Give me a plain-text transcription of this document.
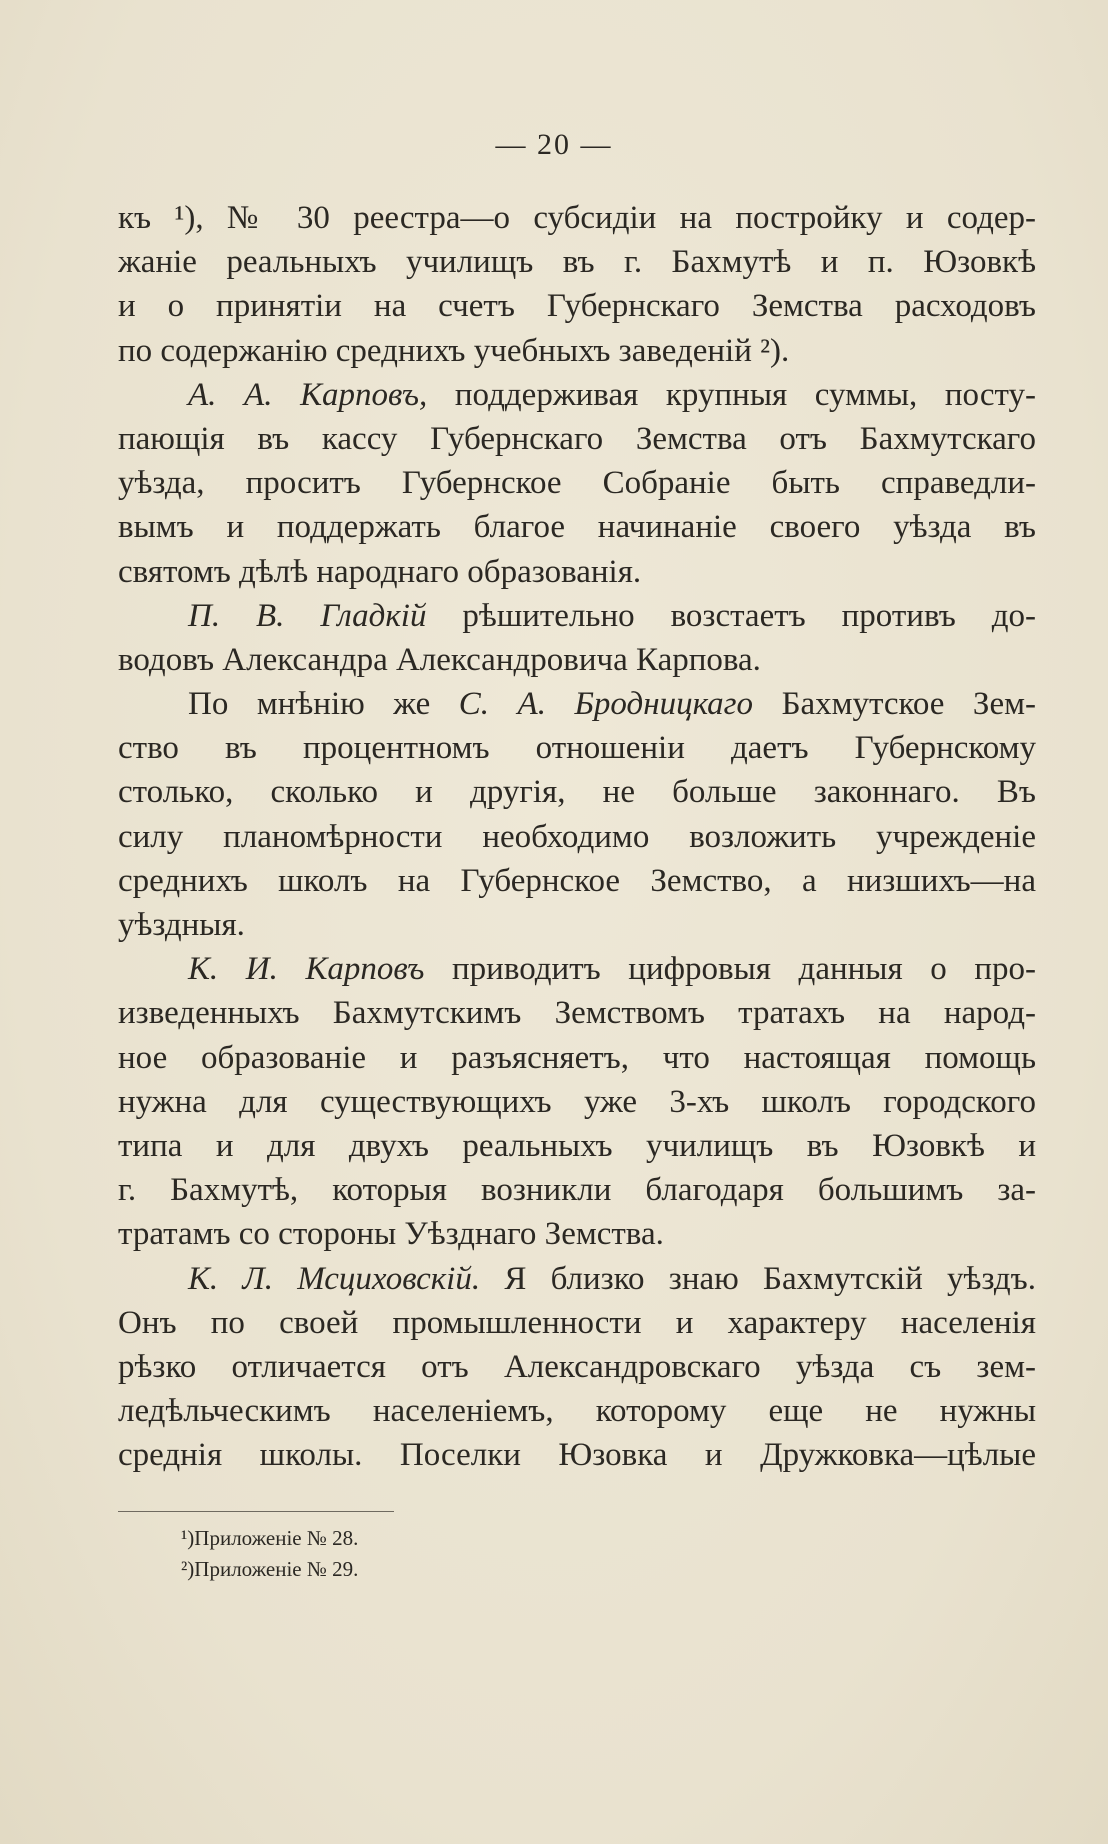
— 20 —
къ ¹), № 30 реестра—о субсидіи на постройку и содер-
жаніе реальныхъ училищъ въ г. Бахмутѣ и п. Юзовкѣ
и о принятіи на счетъ Губернскаго Земства расходовъ
по содержанію среднихъ учебныхъ заведеній ²).
А. А. Карповъ, поддерживая крупныя суммы, посту-
пающія въ кассу Губернскаго Земства отъ Бахмутскаго
уѣзда, проситъ Губернское Собраніе быть справедли-
вымъ и поддержать благое начинаніе своего уѣзда въ
святомъ дѣлѣ народнаго образованія.
П. В. Гладкій рѣшительно возстаетъ противъ до-
водовъ Александра Александровича Карпова.
По мнѣнію же С. А. Бродницкаго Бахмутское Зем-
ство въ процентномъ отношеніи даетъ Губернскому
столько, сколько и другія, не больше законнаго. Въ
силу планомѣрности необходимо возложить учрежденіе
среднихъ школъ на Губернское Земство, а низшихъ—на
уѣздныя.
К. И. Карповъ приводитъ цифровыя данныя о про-
изведенныхъ Бахмутскимъ Земствомъ тратахъ на народ-
ное образованіе и разъясняетъ, что настоящая помощь
нужна для существующихъ уже 3-хъ школъ городского
типа и для двухъ реальныхъ училищъ въ Юзовкѣ и
г. Бахмутѣ, которыя возникли благодаря большимъ за-
тратамъ со стороны Уѣзднаго Земства.
К. Л. Мсциховскій. Я близко знаю Бахмутскій уѣздъ.
Онъ по своей промышленности и характеру населенія
рѣзко отличается отъ Александровскаго уѣзда съ зем-
ледѣльческимъ населеніемъ, которому еще не нужны
среднія школы. Поселки Юзовка и Дружковка—цѣлые
¹)Приложеніе № 28.
²)Приложеніе № 29.
